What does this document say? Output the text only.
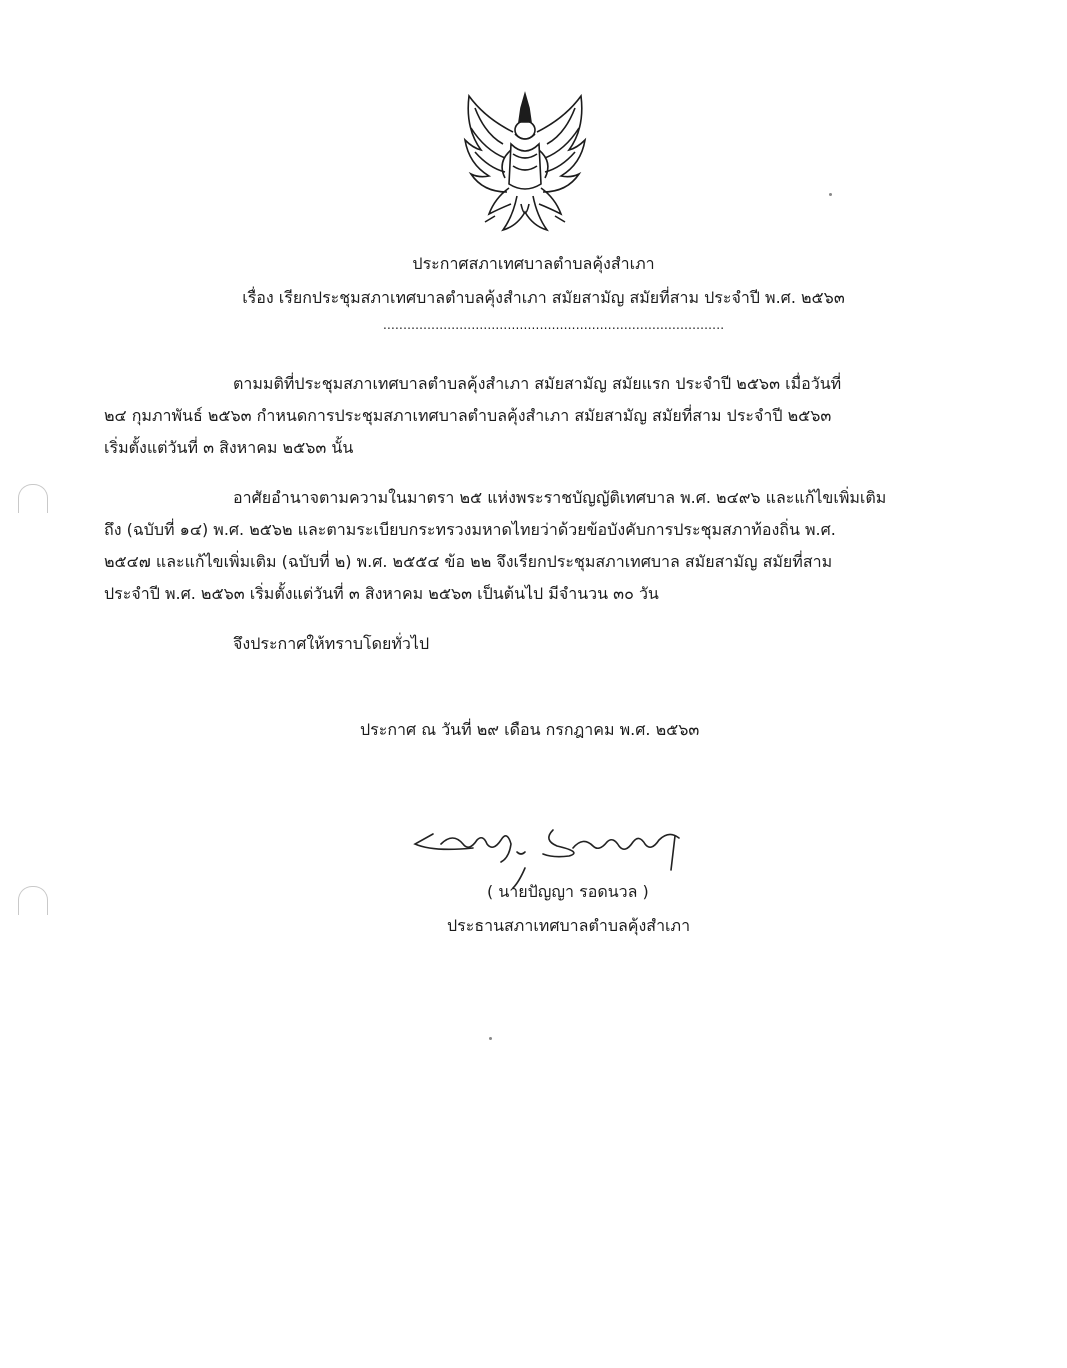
ประกาศสภาเทศบาลตำบลคุ้งสำเภา
เรื่อง เรียกประชุมสภาเทศบาลตำบลคุ้งสำเภา สมัยสามัญ สมัยที่สาม ประจำปี พ.ศ. ๒๕๖๓
.....................................................................................
ตามมติที่ประชุมสภาเทศบาลตำบลคุ้งสำเภา สมัยสามัญ สมัยแรก ประจำปี ๒๕๖๓ เมื่อวันที่
๒๔ กุมภาพันธ์ ๒๕๖๓ กำหนดการประชุมสภาเทศบาลตำบลคุ้งสำเภา สมัยสามัญ สมัยที่สาม ประจำปี ๒๕๖๓
เริ่มตั้งแต่วันที่ ๓ สิงหาคม ๒๕๖๓ นั้น
อาศัยอำนาจตามความในมาตรา ๒๕ แห่งพระราชบัญญัติเทศบาล พ.ศ. ๒๔๙๖ และแก้ไขเพิ่มเติม
ถึง (ฉบับที่ ๑๔) พ.ศ. ๒๕๖๒ และตามระเบียบกระทรวงมหาดไทยว่าด้วยข้อบังคับการประชุมสภาท้องถิ่น พ.ศ.
๒๕๔๗ และแก้ไขเพิ่มเติม (ฉบับที่ ๒) พ.ศ. ๒๕๕๔ ข้อ ๒๒ จึงเรียกประชุมสภาเทศบาล สมัยสามัญ สมัยที่สาม
ประจำปี พ.ศ. ๒๕๖๓ เริ่มตั้งแต่วันที่ ๓ สิงหาคม ๒๕๖๓ เป็นต้นไป มีจำนวน ๓๐ วัน
จึงประกาศให้ทราบโดยทั่วไป
ประกาศ ณ วันที่ ๒๙ เดือน กรกฎาคม พ.ศ. ๒๕๖๓
( นายปัญญา รอดนวล )
ประธานสภาเทศบาลตำบลคุ้งสำเภา
